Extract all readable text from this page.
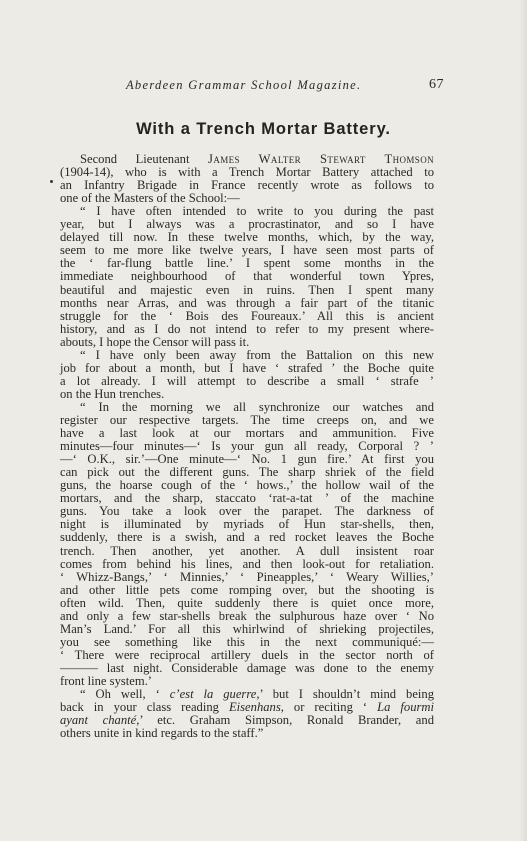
Aberdeen Grammar School Magazine.	67
With a Trench Mortar Battery.
Second Lieutenant James Walter Stewart Thomson
(1904-14), who is with a Trench Mortar Battery attached to
an Infantry Brigade in France recently wrote as follows to
one of the Masters of the School:—
“ I have often intended to write to you during the past
year, but I always was a procrastinator, and so I have
delayed till now. In these twelve months, which, by the way,
seem to me more like twelve years, I have seen most parts of
the ‘ far-flung battle line.’ I spent some months in the
immediate neighbourhood of that wonderful town Ypres,
beautiful and majestic even in ruins. Then I spent many
months near Arras, and was through a fair part of the titanic
struggle for the ‘ Bois des Foureaux.’ All this is ancient
history, and as I do not intend to refer to my present where-
abouts, I hope the Censor will pass it.
“ I have only been away from the Battalion on this new
job for about a month, but I have ‘ strafed ’ the Boche quite
a lot already. I will attempt to describe a small ‘ strafe ’
on the Hun trenches.
“ In the morning we all synchronize our watches and
register our respective targets. The time creeps on, and we
have a last look at our mortars and ammunition. Five
minutes—four minutes—‘ Is your gun all ready, Corporal ? ’
—‘ O.K., sir.’—One minute—‘ No. 1 gun fire.’ At first you
can pick out the different guns. The sharp shriek of the field
guns, the hoarse cough of the ‘ hows.,’ the hollow wail of the
mortars, and the sharp, staccato ‘rat-a-tat ’ of the machine
guns. You take a look over the parapet. The darkness of
night is illuminated by myriads of Hun star-shells, then,
suddenly, there is a swish, and a red rocket leaves the Boche
trench. Then another, yet another. A dull insistent roar
comes from behind his lines, and then look-out for retaliation.
‘ Whizz-Bangs,’ ‘ Minnies,’ ‘ Pineapples,’ ‘ Weary Willies,’
and other little pets come romping over, but the shooting is
often wild. Then, quite suddenly there is quiet once more,
and only a few star-shells break the sulphurous haze over ‘ No
Man’s Land.’ For all this whirlwind of shrieking projectiles,
you see something like this in the next communiqué:—
‘ There were reciprocal artillery duels in the sector north of
——— last night. Considerable damage was done to the enemy
front line system.’
“ Oh well, ‘ c’est la guerre,’ but I shouldn’t mind being
back in your class reading Eisenhans, or reciting ‘ La fourmi
ayant chanté,’ etc. Graham Simpson, Ronald Brander, and
others unite in kind regards to the staff.”
